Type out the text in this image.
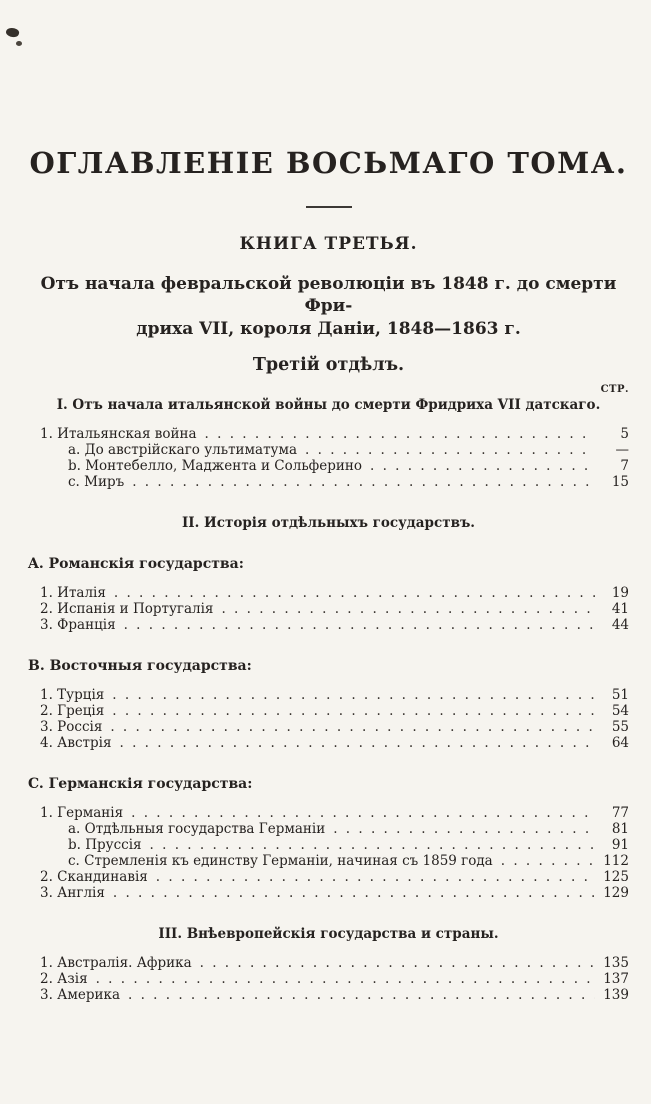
ОГЛАВЛЕНІЕ ВОСЬМАГО ТОМА.
КНИГА ТРЕТЬЯ.
Отъ начала февральской революціи въ 1848 г. до смерти Фри-
дриха VII, короля Даніи, 1848—1863 г.
Третій отдѣлъ.
СТР.
I. Отъ начала итальянской войны до смерти Фридриха VII датскаго.
1. Итальянская война . . .	5
a. До австрійскаго ультиматума . . .	—
b. Монтебелло, Маджента и Сольферино . . .	7
c. Миръ . . .	15
II. Исторія отдѣльныхъ государствъ.
A. Романскія государства:
1. Италія . . .	19
2. Испанія и Португалія . . .	41
3. Франція . . .	44
B. Восточныя государства:
1. Турція . . .	51
2. Греція . . .	54
3. Россія . . .	55
4. Австрія . . .	64
C. Германскія государства:
1. Германія . . .	77
a. Отдѣльныя государства Германіи . . .	81
b. Пруссія . . .	91
c. Стремленія къ единству Германіи, начиная съ 1859 года . . .	112
2. Скандинавія . . .	125
3. Англія . . .	129
III. Внѣевропейскія государства и страны.
1. Австралія. Африка . . .	135
2. Азія . . .	137
3. Америка . . .	139
